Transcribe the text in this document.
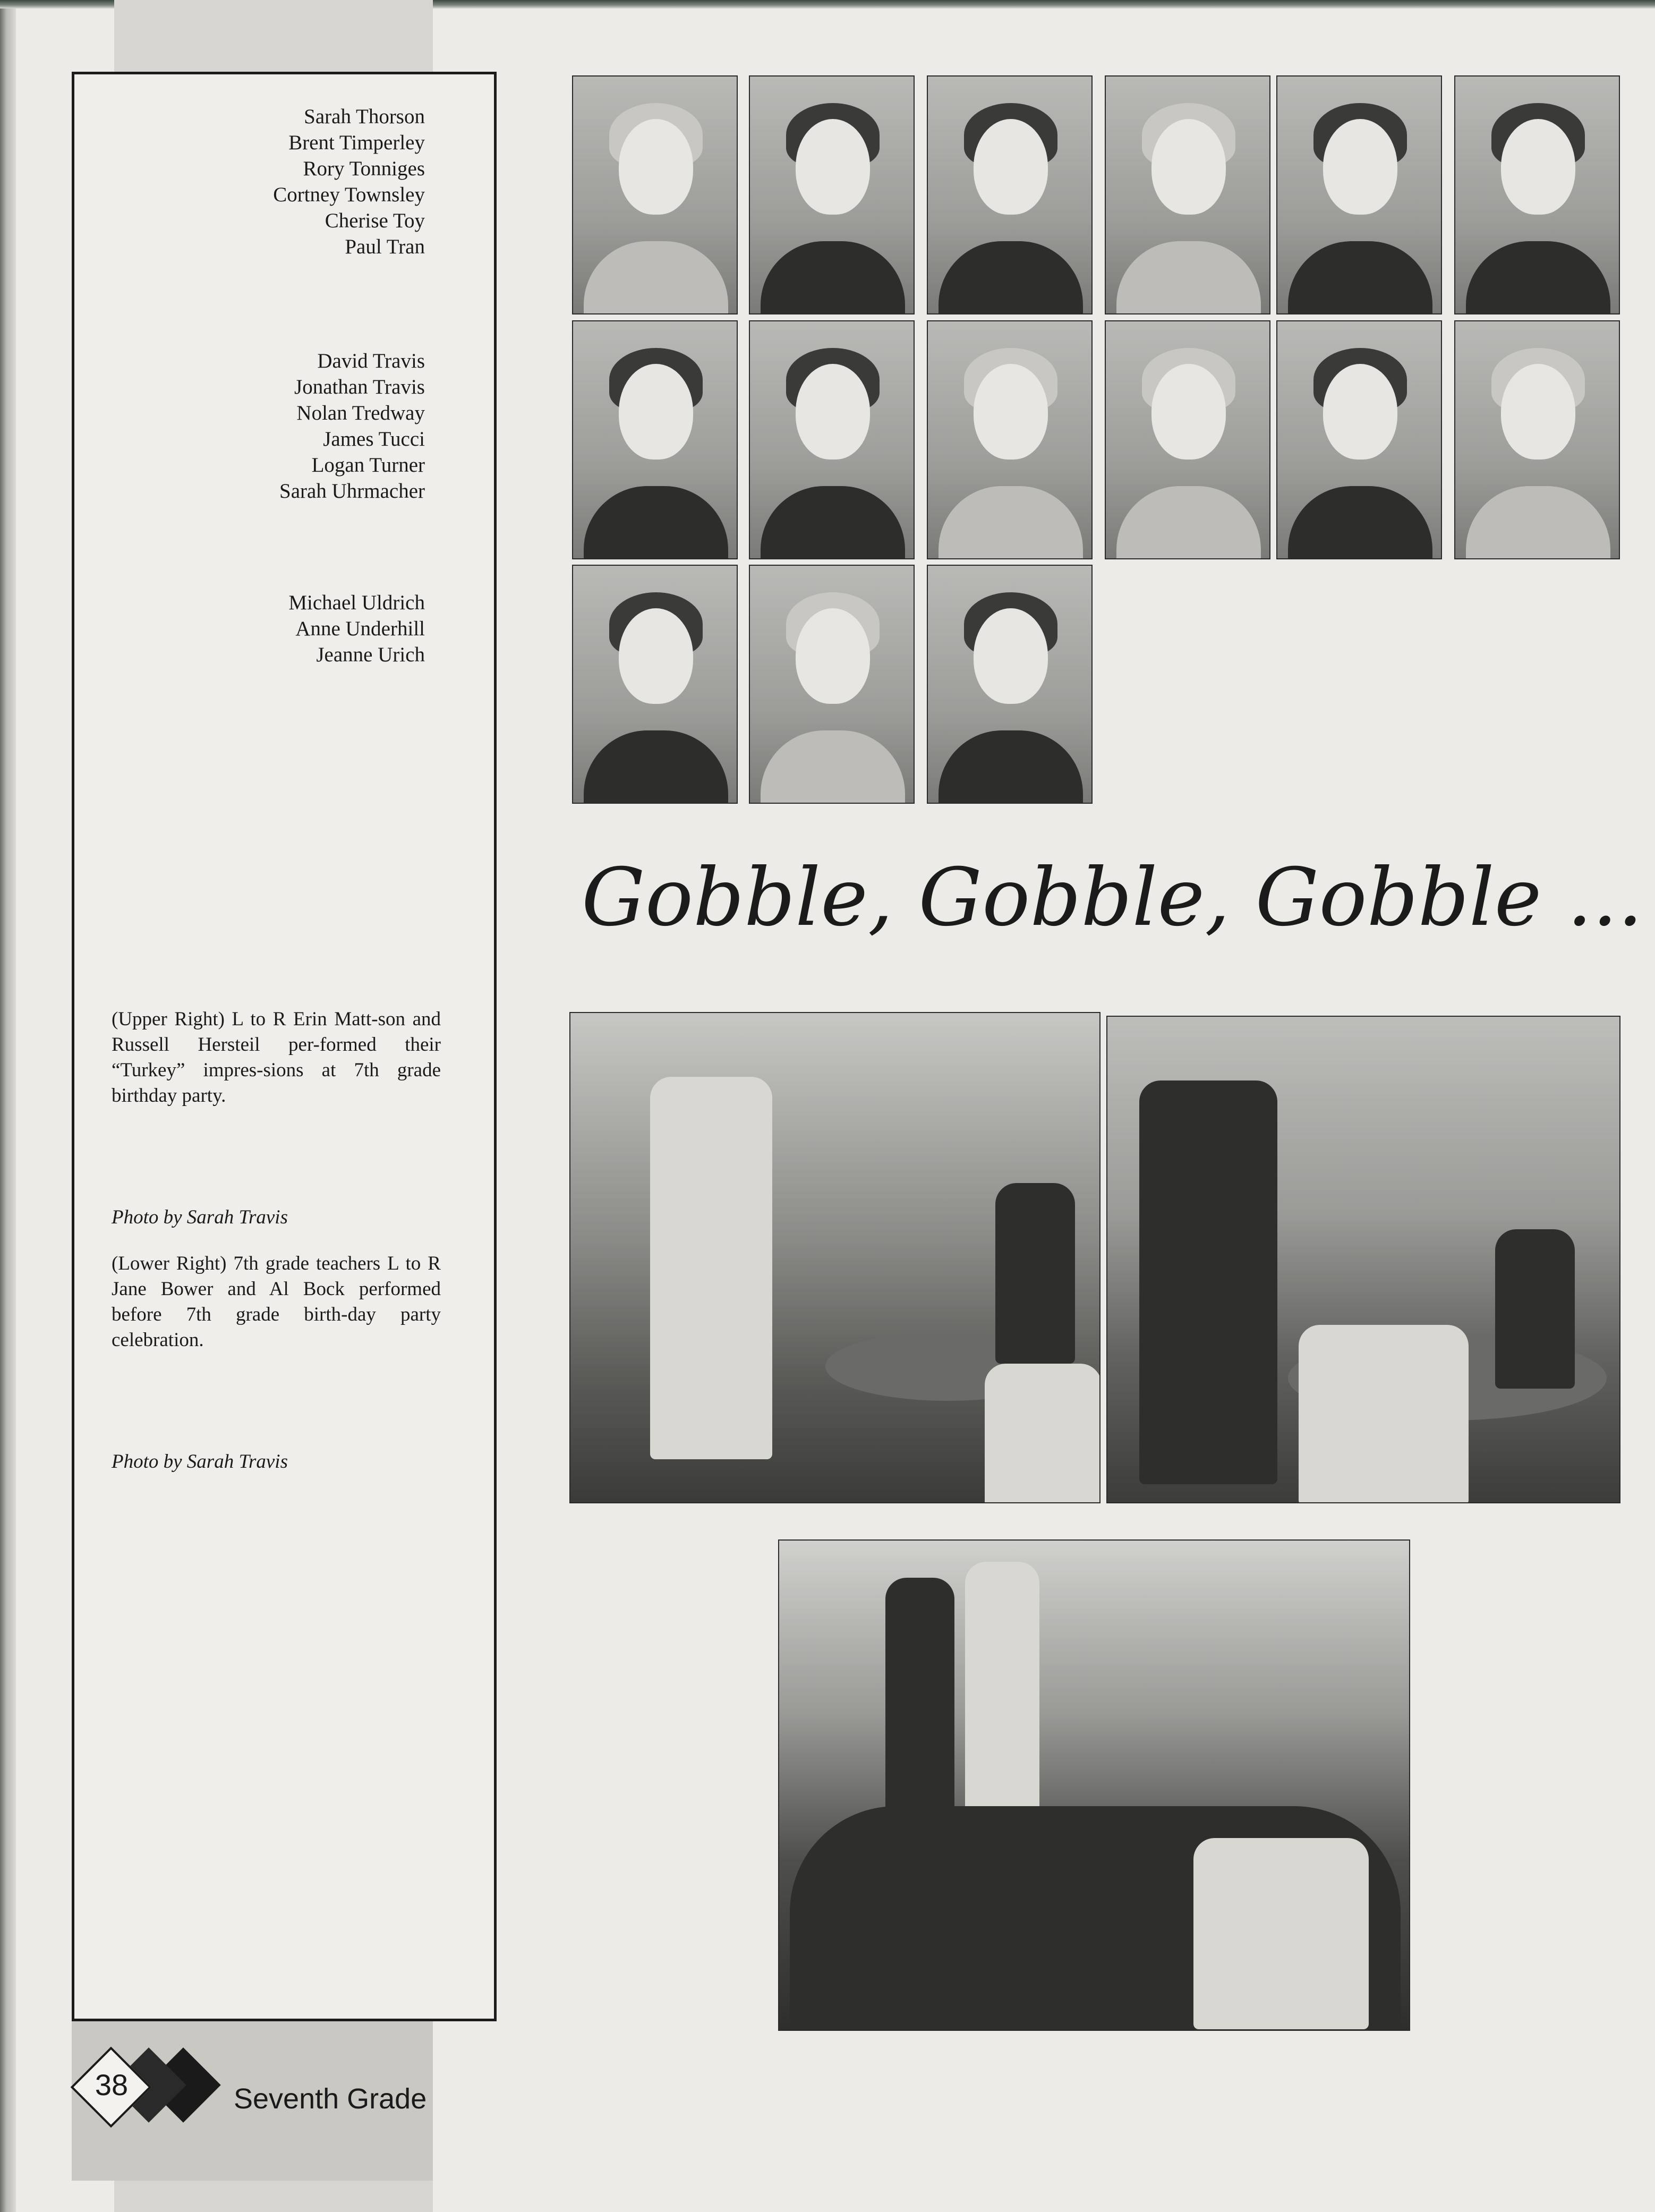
Sarah Thorson
Brent Timperley
Rory Tonniges
Cortney Townsley
Cherise Toy
Paul Tran
David Travis
Jonathan Travis
Nolan Tredway
James Tucci
Logan Turner
Sarah Uhrmacher
Michael Uldrich
Anne Underhill
Jeanne Urich
(Upper Right) L to R Erin Matt-son and Russell Hersteil per-formed their “Turkey” impres-sions at 7th grade birthday party.
Photo by Sarah Travis
(Lower Right) 7th grade teachers L to R Jane Bower and Al Bock performed before 7th grade birth-day party celebration.
Photo by Sarah Travis
Gobble, Gobble, Gobble ...
38	Seventh Grade
